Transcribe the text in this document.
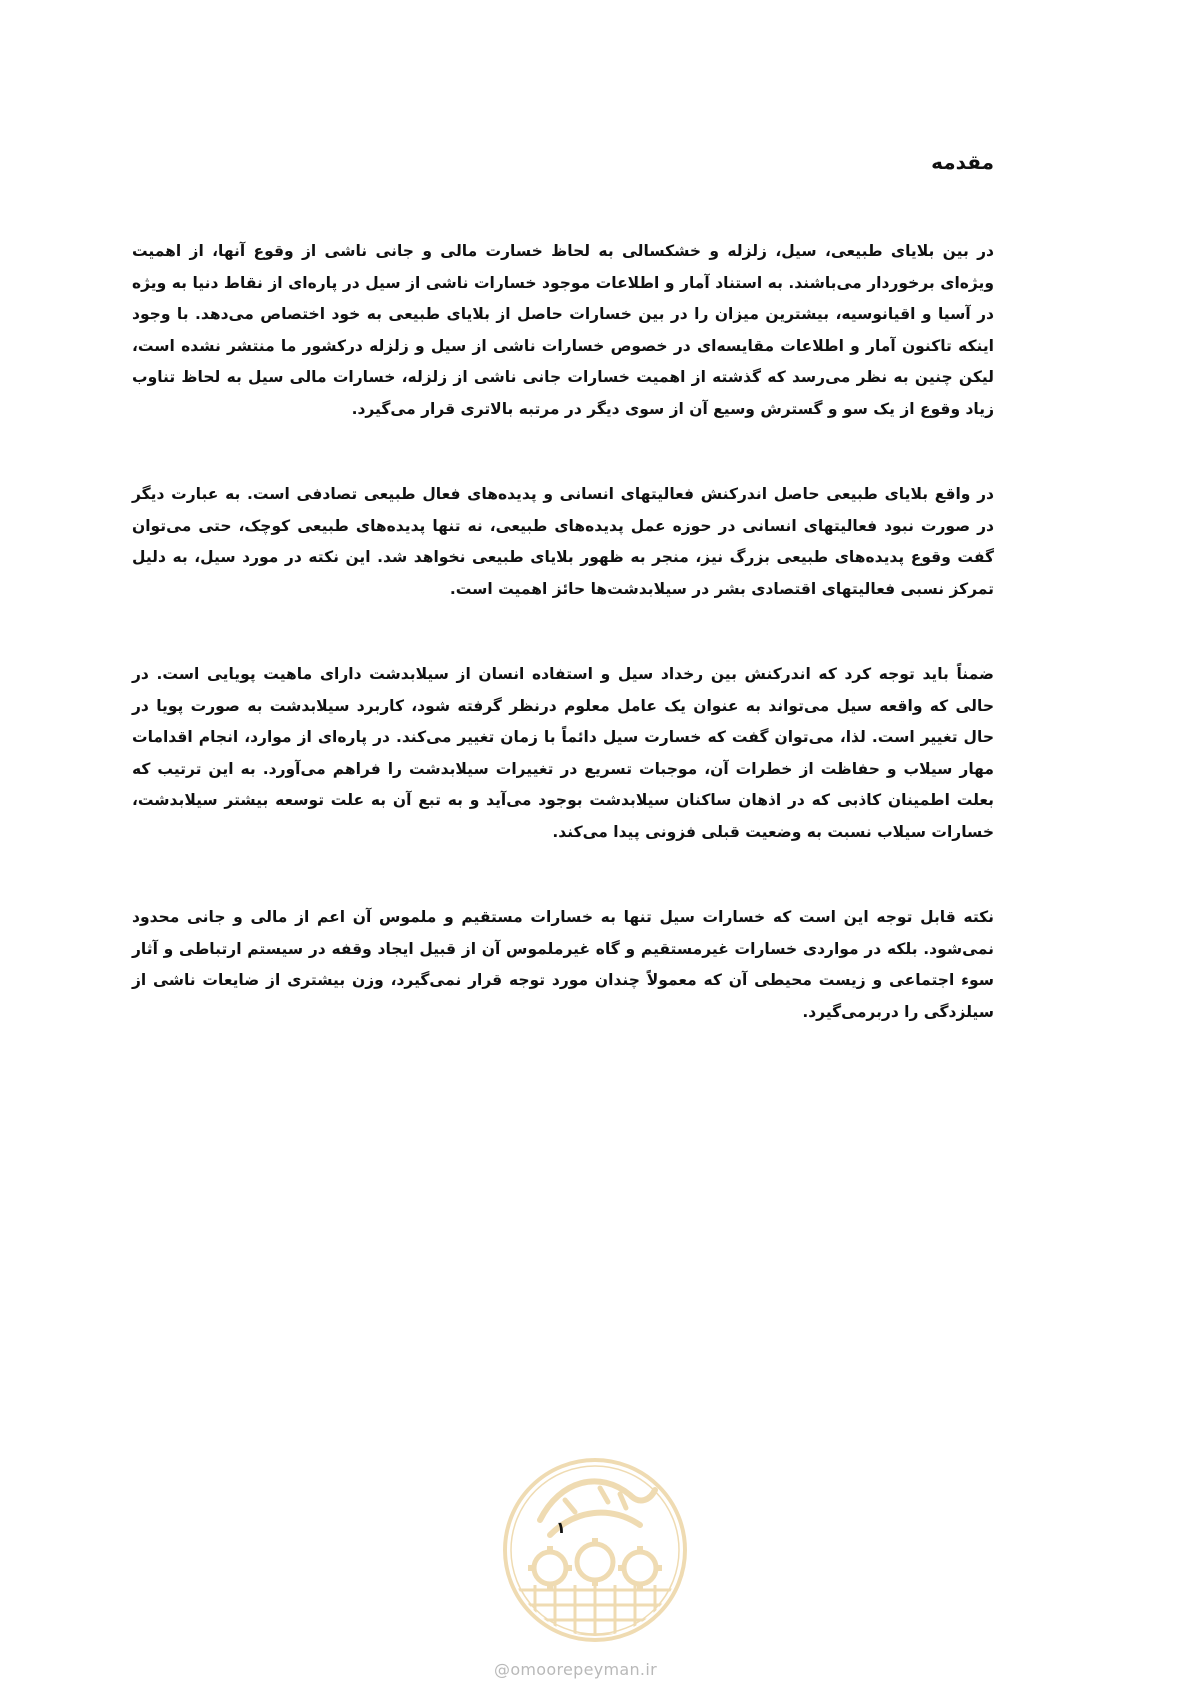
مقدمه

در بین بلایای طبیعی، سیل، زلزله و خشکسالی به لحاظ خسارت مالی و جانی ناشی از وقوع آنها، از اهمیت ویژه‌ای برخوردار می‌باشند. به استناد آمار و اطلاعات موجود خسارات ناشی از سیل در پاره‌ای از نقاط دنیا به ویژه در آسیا و اقیانوسیه، بیشترین میزان را در بین خسارات حاصل از بلایای طبیعی به خود اختصاص می‌دهد. با وجود اینکه تاکنون آمار و اطلاعات مقایسه‌ای در خصوص خسارات ناشی از سیل و زلزله درکشور ما منتشر نشده است، لیکن چنین به نظر می‌رسد که گذشته از اهمیت خسارات جانی ناشی از زلزله، خسارات مالی سیل به لحاظ تناوب زیاد وقوع از یک سو و گسترش وسیع آن از سوی دیگر در مرتبه بالاتری قرار می‌گیرد.

در واقع بلایای طبیعی حاصل اندرکنش فعالیتهای انسانی و پدیده‌های فعال طبیعی تصادفی است. به عبارت دیگر در صورت نبود فعالیتهای انسانی در حوزه عمل پدیده‌های طبیعی، نه تنها پدیده‌های طبیعی کوچک، حتی می‌توان گفت وقوع پدیده‌های طبیعی بزرگ نیز، منجر به ظهور بلایای طبیعی نخواهد شد. این نکته در مورد سیل، به دلیل تمرکز نسبی فعالیتهای اقتصادی بشر در سیلابدشت‌ها حائز اهمیت است.

ضمناً باید توجه کرد که اندرکنش بین رخداد سیل و استفاده انسان از سیلابدشت دارای ماهیت پویایی است. در حالی که واقعه سیل می‌تواند به عنوان یک عامل معلوم درنظر گرفته شود، کاربرد سیلابدشت به صورت پویا در حال تغییر است. لذا، می‌توان گفت که خسارت سیل دائماً با زمان تغییر می‌کند. در پاره‌ای از موارد، انجام اقدامات مهار سیلاب و حفاظت از خطرات آن، موجبات تسریع در تغییرات سیلابدشت را فراهم می‌آورد. به این ترتیب که بعلت اطمینان کاذبی که در اذهان ساکنان سیلابدشت بوجود می‌آید و به تبع آن به علت توسعه بیشتر سیلابدشت، خسارات سیلاب نسبت به وضعیت قبلی فزونی پیدا می‌کند.

نکته قابل توجه این است که خسارات سیل تنها به خسارات مستقیم و ملموس آن اعم از مالی و جانی محدود نمی‌شود. بلکه در مواردی خسارات غیرمستقیم و گاه غیرملموس آن از قبیل ایجاد وقفه در سیستم ارتباطی و آثار سوء اجتماعی و زیست محیطی آن که معمولاً چندان مورد توجه قرار نمی‌گیرد، وزن بیشتری از ضایعات ناشی از سیلزدگی را دربرمی‌گیرد.

۱
@omoorepeyman.ir
